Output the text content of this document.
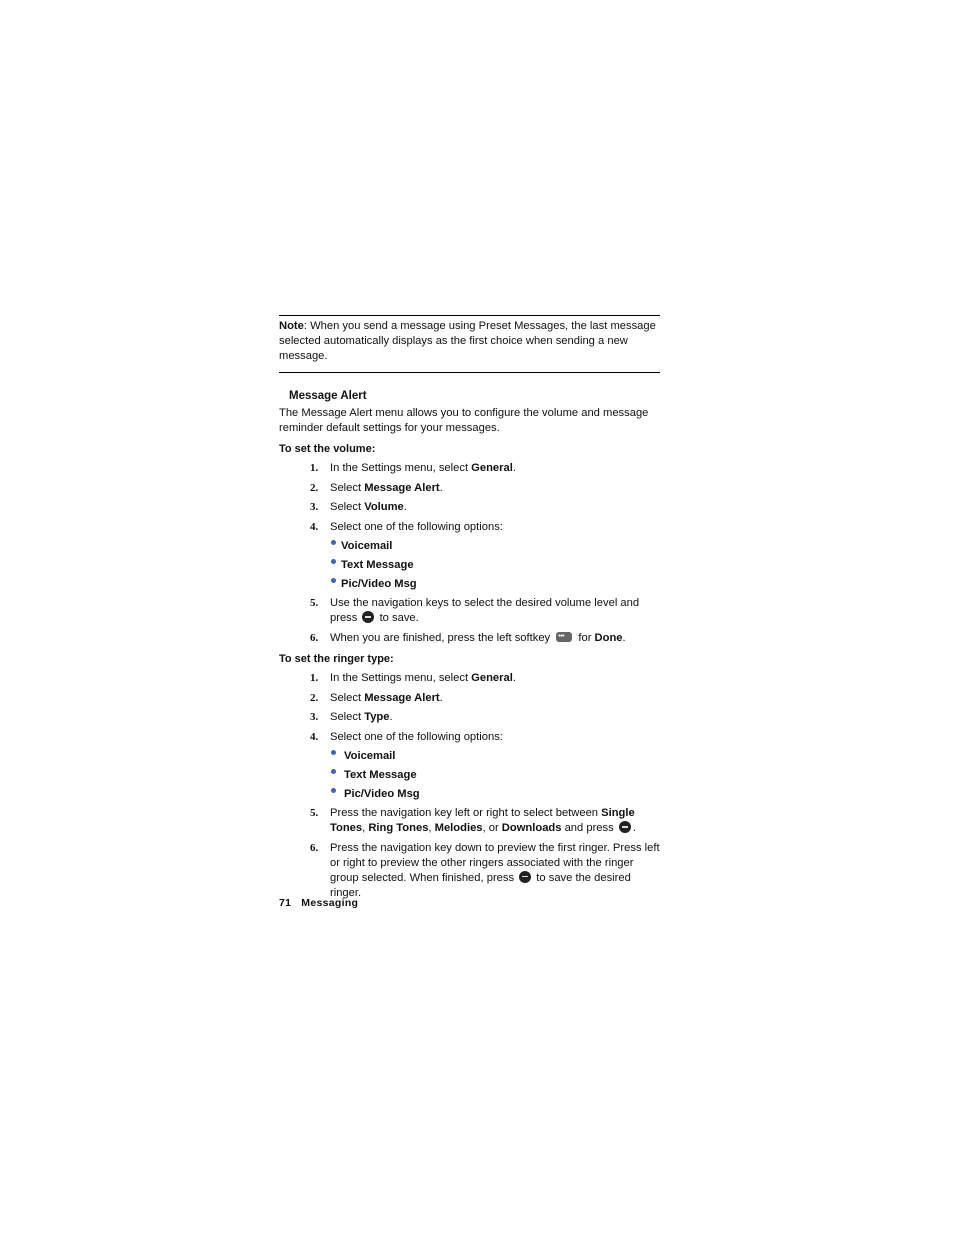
Note: When you send a message using Preset Messages, the last message selected automatically displays as the first choice when sending a new message.
Message Alert
The Message Alert menu allows you to configure the volume and message reminder default settings for your messages.
To set the volume:
1. In the Settings menu, select General.
2. Select Message Alert.
3. Select Volume.
4. Select one of the following options:
Voicemail
Text Message
Pic/Video Msg
5. Use the navigation keys to select the desired volume level and press  to save.
6. When you are finished, press the left softkey ••• for Done.
To set the ringer type:
1. In the Settings menu, select General.
2. Select Message Alert.
3. Select Type.
4. Select one of the following options:
Voicemail
Text Message
Pic/Video Msg
5. Press the navigation key left or right to select between Single Tones, Ring Tones, Melodies, or Downloads and press .
6. Press the navigation key down to preview the first ringer. Press left or right to preview the other ringers associated with the ringer group selected. When finished, press  to save the desired ringer.
71 Messaging
